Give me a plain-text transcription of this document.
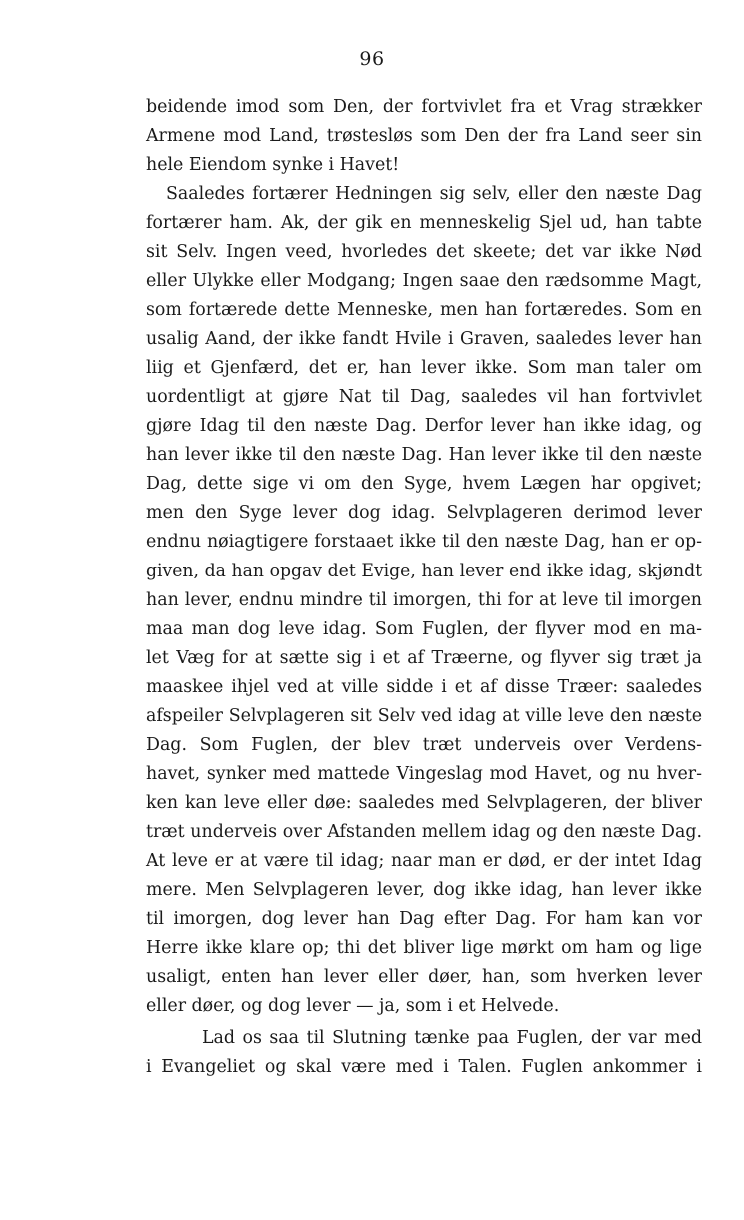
96
beidende imod som Den, der fortvivlet fra et Vrag strækker
Armene mod Land, trøstesløs som Den der fra Land seer sin
hele Eiendom synke i Havet!
Saaledes fortærer Hedningen sig selv, eller den næste Dag
fortærer ham. Ak, der gik en menneskelig Sjel ud, han tabte
sit Selv. Ingen veed, hvorledes det skeete; det var ikke Nød
eller Ulykke eller Modgang; Ingen saae den rædsomme Magt,
som fortærede dette Menneske, men han fortæredes. Som en
usalig Aand, der ikke fandt Hvile i Graven, saaledes lever han
liig et Gjenfærd, det er, han lever ikke. Som man taler om
uordentligt at gjøre Nat til Dag, saaledes vil han fortvivlet
gjøre Idag til den næste Dag. Derfor lever han ikke idag, og
han lever ikke til den næste Dag. Han lever ikke til den næste
Dag, dette sige vi om den Syge, hvem Lægen har opgivet;
men den Syge lever dog idag. Selvplageren derimod lever
endnu nøiagtigere forstaaet ikke til den næste Dag, han er op-
given, da han opgav det Evige, han lever end ikke idag, skjøndt
han lever, endnu mindre til imorgen, thi for at leve til imorgen
maa man dog leve idag. Som Fuglen, der flyver mod en ma-
let Væg for at sætte sig i et af Træerne, og flyver sig træt ja
maaskee ihjel ved at ville sidde i et af disse Træer: saaledes
afspeiler Selvplageren sit Selv ved idag at ville leve den næste
Dag. Som Fuglen, der blev træt underveis over Verdens-
havet, synker med mattede Vingeslag mod Havet, og nu hver-
ken kan leve eller døe: saaledes med Selvplageren, der bliver
træt underveis over Afstanden mellem idag og den næste Dag.
At leve er at være til idag; naar man er død, er der intet Idag
mere. Men Selvplageren lever, dog ikke idag, han lever ikke
til imorgen, dog lever han Dag efter Dag. For ham kan vor
Herre ikke klare op; thi det bliver lige mørkt om ham og lige
usaligt, enten han lever eller døer, han, som hverken lever
eller døer, og dog lever — ja, som i et Helvede.
Lad os saa til Slutning tænke paa Fuglen, der var med
i Evangeliet og skal være med i Talen. Fuglen ankommer i
